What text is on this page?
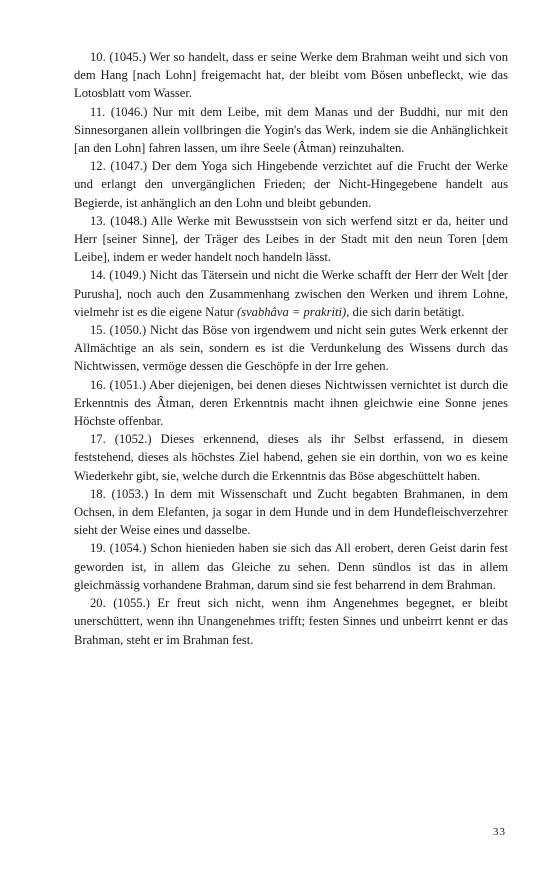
10. (1045.) Wer so handelt, dass er seine Werke dem Brahman weiht und sich von dem Hang [nach Lohn] freigemacht hat, der bleibt vom Bösen unbefleckt, wie das Lotosblatt vom Wasser.

11. (1046.) Nur mit dem Leibe, mit dem Manas und der Buddhi, nur mit den Sinnesorganen allein vollbringen die Yogin's das Werk, indem sie die Anhänglichkeit [an den Lohn] fahren lassen, um ihre Seele (Âtman) reinzuhalten.

12. (1047.) Der dem Yoga sich Hingebende verzichtet auf die Frucht der Werke und erlangt den unvergänglichen Frieden; der Nicht-Hingegebene handelt aus Begierde, ist anhänglich an den Lohn und bleibt gebunden.

13. (1048.) Alle Werke mit Bewusstsein von sich werfend sitzt er da, heiter und Herr [seiner Sinne], der Träger des Leibes in der Stadt mit den neun Toren [dem Leibe], indem er weder handelt noch handeln lässt.

14. (1049.) Nicht das Tätersein und nicht die Werke schafft der Herr der Welt [der Purusha], noch auch den Zusammenhang zwischen den Werken und ihrem Lohne, vielmehr ist es die eigene Natur (svabhâva = prakriti), die sich darin betätigt.

15. (1050.) Nicht das Böse von irgendwem und nicht sein gutes Werk erkennt der Allmächtige an als sein, sondern es ist die Verdunkelung des Wissens durch das Nichtwissen, vermöge dessen die Geschöpfe in der Irre gehen.

16. (1051.) Aber diejenigen, bei denen dieses Nichtwissen vernichtet ist durch die Erkenntnis des Âtman, deren Erkenntnis macht ihnen gleichwie eine Sonne jenes Höchste offenbar.

17. (1052.) Dieses erkennend, dieses als ihr Selbst erfassend, in diesem feststehend, dieses als höchstes Ziel habend, gehen sie ein dorthin, von wo es keine Wiederkehr gibt, sie, welche durch die Erkenntnis das Böse abgeschüttelt haben.

18. (1053.) In dem mit Wissenschaft und Zucht begabten Brahmanen, in dem Ochsen, in dem Elefanten, ja sogar in dem Hunde und in dem Hundefleischverzehrer sieht der Weise eines und dasselbe.

19. (1054.) Schon hienieden haben sie sich das All erobert, deren Geist darin fest geworden ist, in allem das Gleiche zu sehen. Denn sündlos ist das in allem gleichmässig vorhandene Brahman, darum sind sie fest beharrend in dem Brahman.

20. (1055.) Er freut sich nicht, wenn ihm Angenehmes begegnet, er bleibt unerschüttert, wenn ihn Unangenehmes trifft; festen Sinnes und unbeirrt kennt er das Brahman, steht er im Brahman fest.

33
